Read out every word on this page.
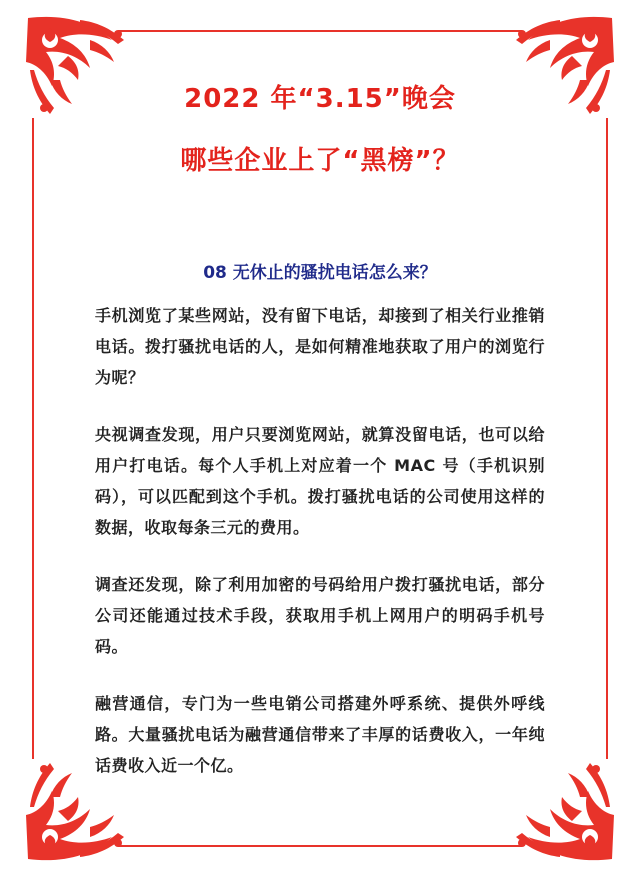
2022 年“3.15”晚会
哪些企业上了“黑榜”？
08 无休止的骚扰电话怎么来？

手机浏览了某些网站，没有留下电话，却接到了相关行业推销电话。拨打骚扰电话的人，是如何精准地获取了用户的浏览行为呢？

央视调查发现，用户只要浏览网站，就算没留电话，也可以给用户打电话。每个人手机上对应着一个 MAC 号（手机识别码），可以匹配到这个手机。拨打骚扰电话的公司使用这样的数据，收取每条三元的费用。

调查还发现，除了利用加密的号码给用户拨打骚扰电话，部分公司还能通过技术手段，获取用手机上网用户的明码手机号码。

融营通信，专门为一些电销公司搭建外呼系统、提供外呼线路。大量骚扰电话为融营通信带来了丰厚的话费收入，一年纯话费收入近一个亿。
